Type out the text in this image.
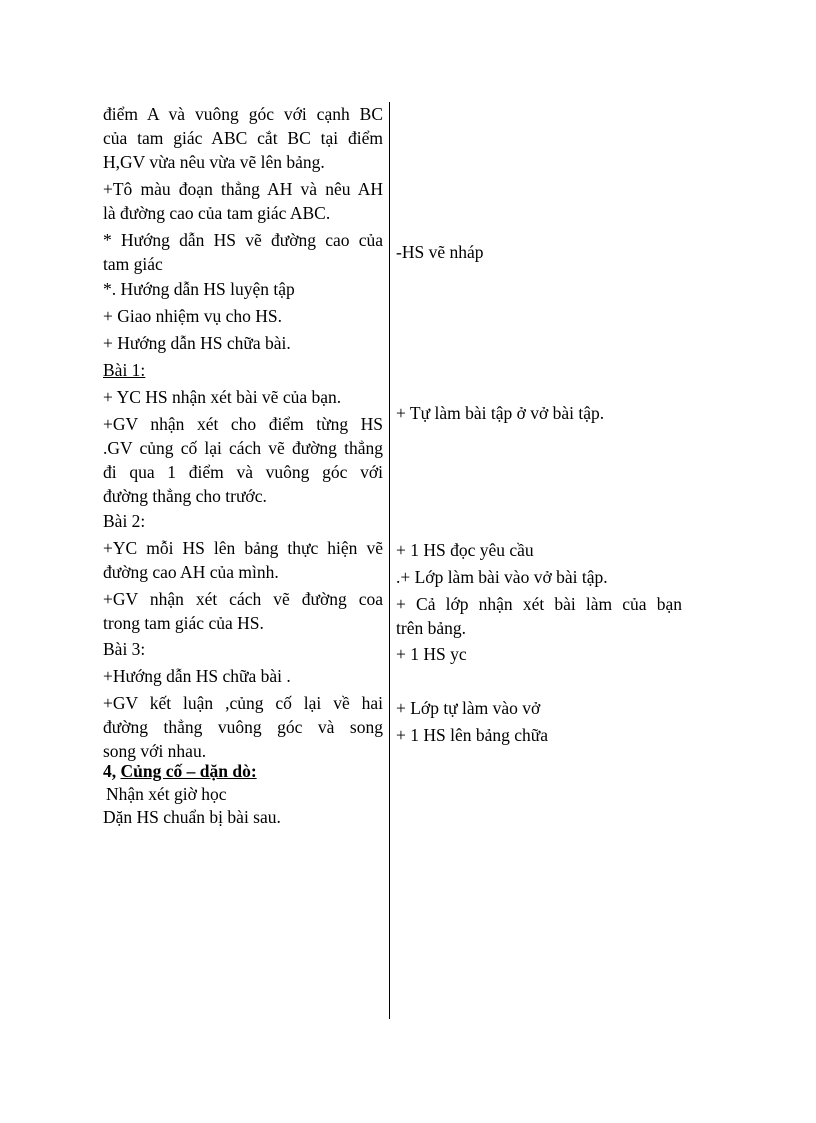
điểm A và vuông góc với cạnh BC
của tam giác ABC cắt BC tại điểm
H,GV vừa nêu vừa vẽ lên bảng.
+Tô màu đoạn thẳng AH và nêu AH
là đường cao của tam giác ABC.
* Hướng dẫn HS vẽ đường cao của
tam giác
*. Hướng dẫn HS luyện tập
+ Giao nhiệm vụ cho HS.
+ Hướng dẫn HS chữa bài.
Bài 1:
+ YC HS nhận xét bài vẽ của bạn.
+GV nhận xét cho điểm từng HS
.GV củng cố lại cách vẽ đường thẳng
đi qua 1 điểm và vuông góc với
đường thẳng cho trước.
Bài 2:
+YC mỗi HS lên bảng thực hiện vẽ
đường cao AH của mình.
+GV nhận xét cách vẽ đường coa
trong tam giác của HS.
Bài 3:
+Hướng dẫn HS chữa bài .
+GV kết luận ,củng cố lại về hai
đường thẳng vuông góc và song
song với nhau.
4, Củng cố – dặn dò:
Nhận xét giờ học
Dặn HS chuẩn bị bài sau.
-HS vẽ nháp
+ Tự làm bài tập ở vở bài tập.
+ 1 HS đọc yêu cầu
.+ Lớp làm bài vào vở bài tập.
+ Cả lớp nhận xét bài làm của bạn
trên bảng.
+ 1 HS yc
+ Lớp tự làm vào vở
+ 1 HS lên bảng chữa
